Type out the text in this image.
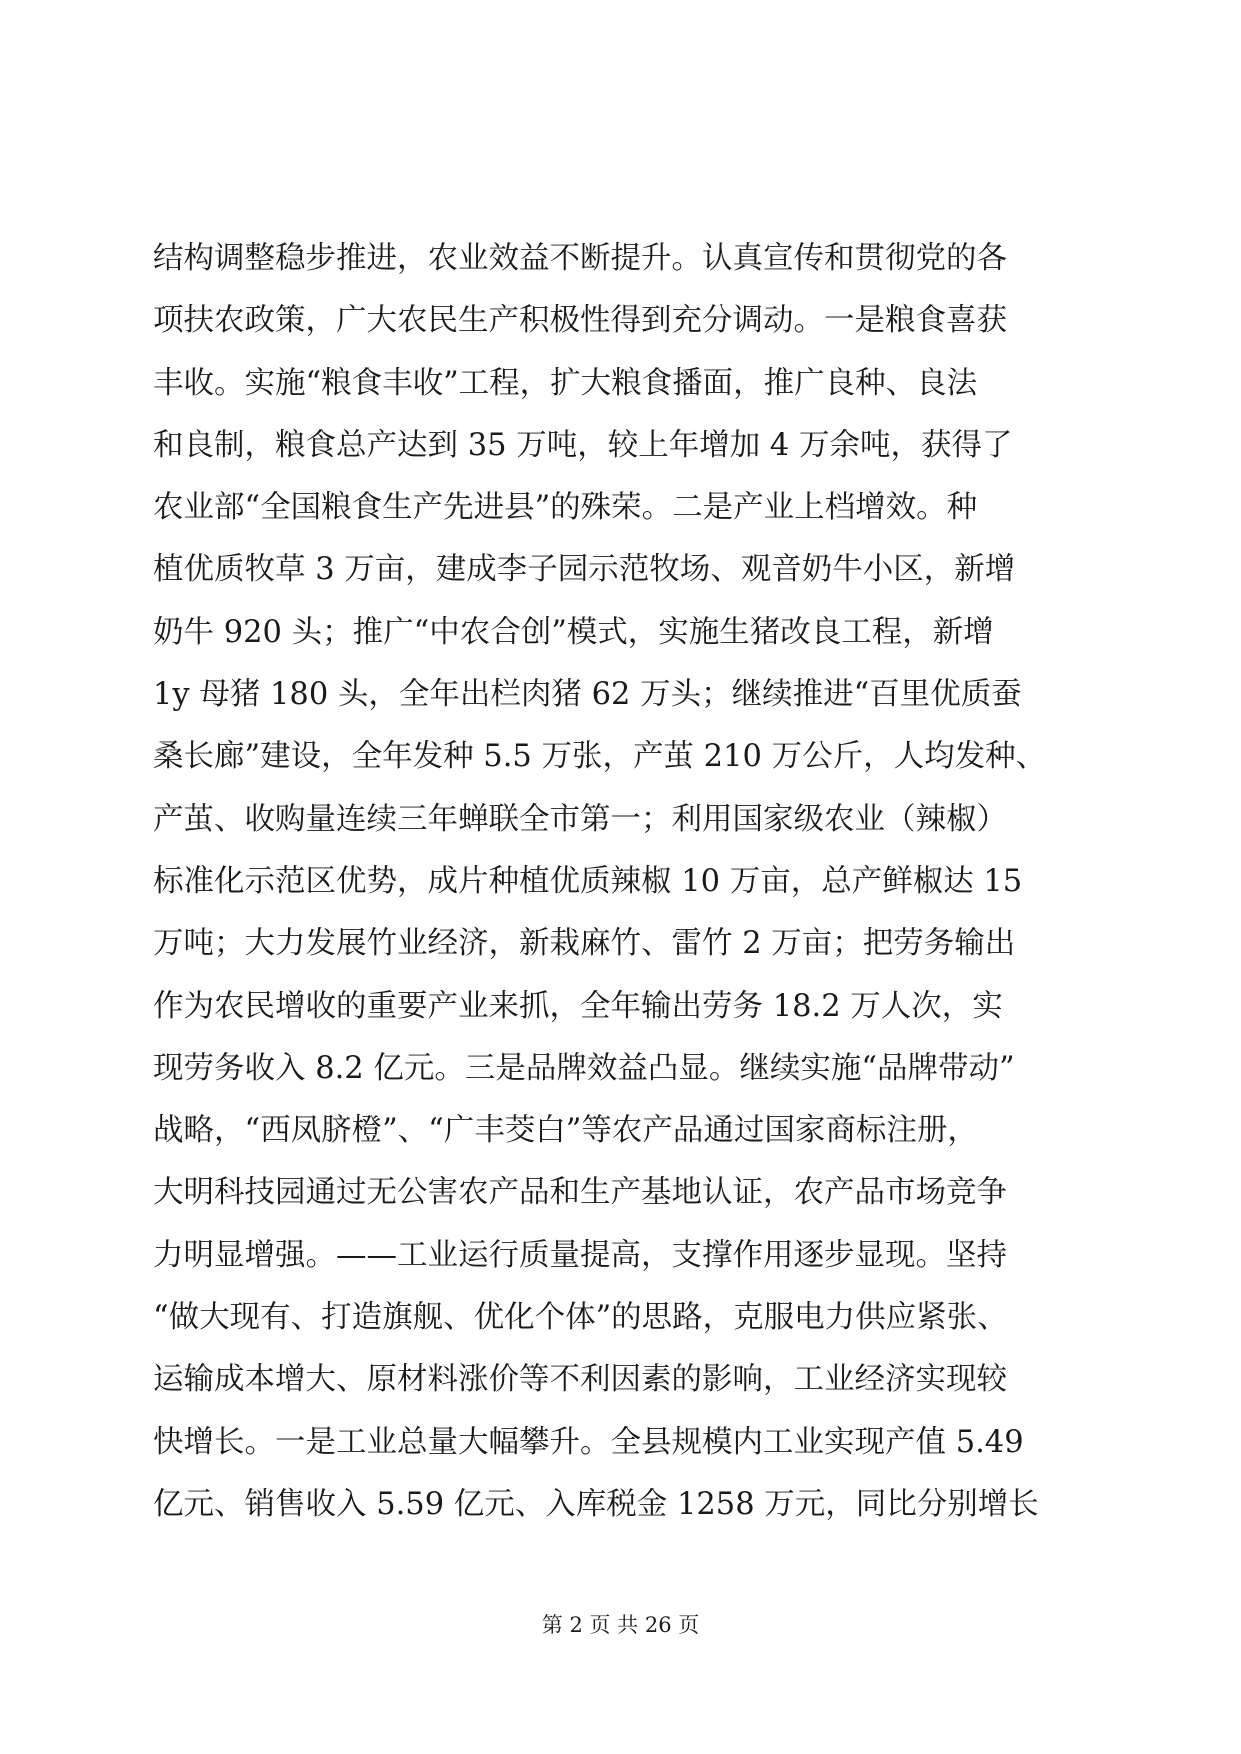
结构调整稳步推进，农业效益不断提升。认真宣传和贯彻党的各
项扶农政策，广大农民生产积极性得到充分调动。一是粮食喜获
丰收。实施“粮食丰收”工程，扩大粮食播面，推广良种、良法
和良制，粮食总产达到 35 万吨，较上年增加 4 万余吨，获得了
农业部“全国粮食生产先进县”的殊荣。二是产业上档增效。种
植优质牧草 3 万亩，建成李子园示范牧场、观音奶牛小区，新增
奶牛 920 头；推广“中农合创”模式，实施生猪改良工程，新增
1y 母猪 180 头，全年出栏肉猪 62 万头；继续推进“百里优质蚕
桑长廊”建设，全年发种 5.5 万张，产茧 210 万公斤，人均发种、
产茧、收购量连续三年蝉联全市第一；利用国家级农业（辣椒）
标准化示范区优势，成片种植优质辣椒 10 万亩，总产鲜椒达 15
万吨；大力发展竹业经济，新栽麻竹、雷竹 2 万亩；把劳务输出
作为农民增收的重要产业来抓，全年输出劳务 18.2 万人次，实
现劳务收入 8.2 亿元。三是品牌效益凸显。继续实施“品牌带动”
战略，“西凤脐橙”、“广丰茭白”等农产品通过国家商标注册，
大明科技园通过无公害农产品和生产基地认证，农产品市场竞争
力明显增强。——工业运行质量提高，支撑作用逐步显现。坚持
“做大现有、打造旗舰、优化个体”的思路，克服电力供应紧张、
运输成本增大、原材料涨价等不利因素的影响，工业经济实现较
快增长。一是工业总量大幅攀升。全县规模内工业实现产值 5.49
亿元、销售收入 5.59 亿元、入库税金 1258 万元，同比分别增长
第 2 页 共 26 页
